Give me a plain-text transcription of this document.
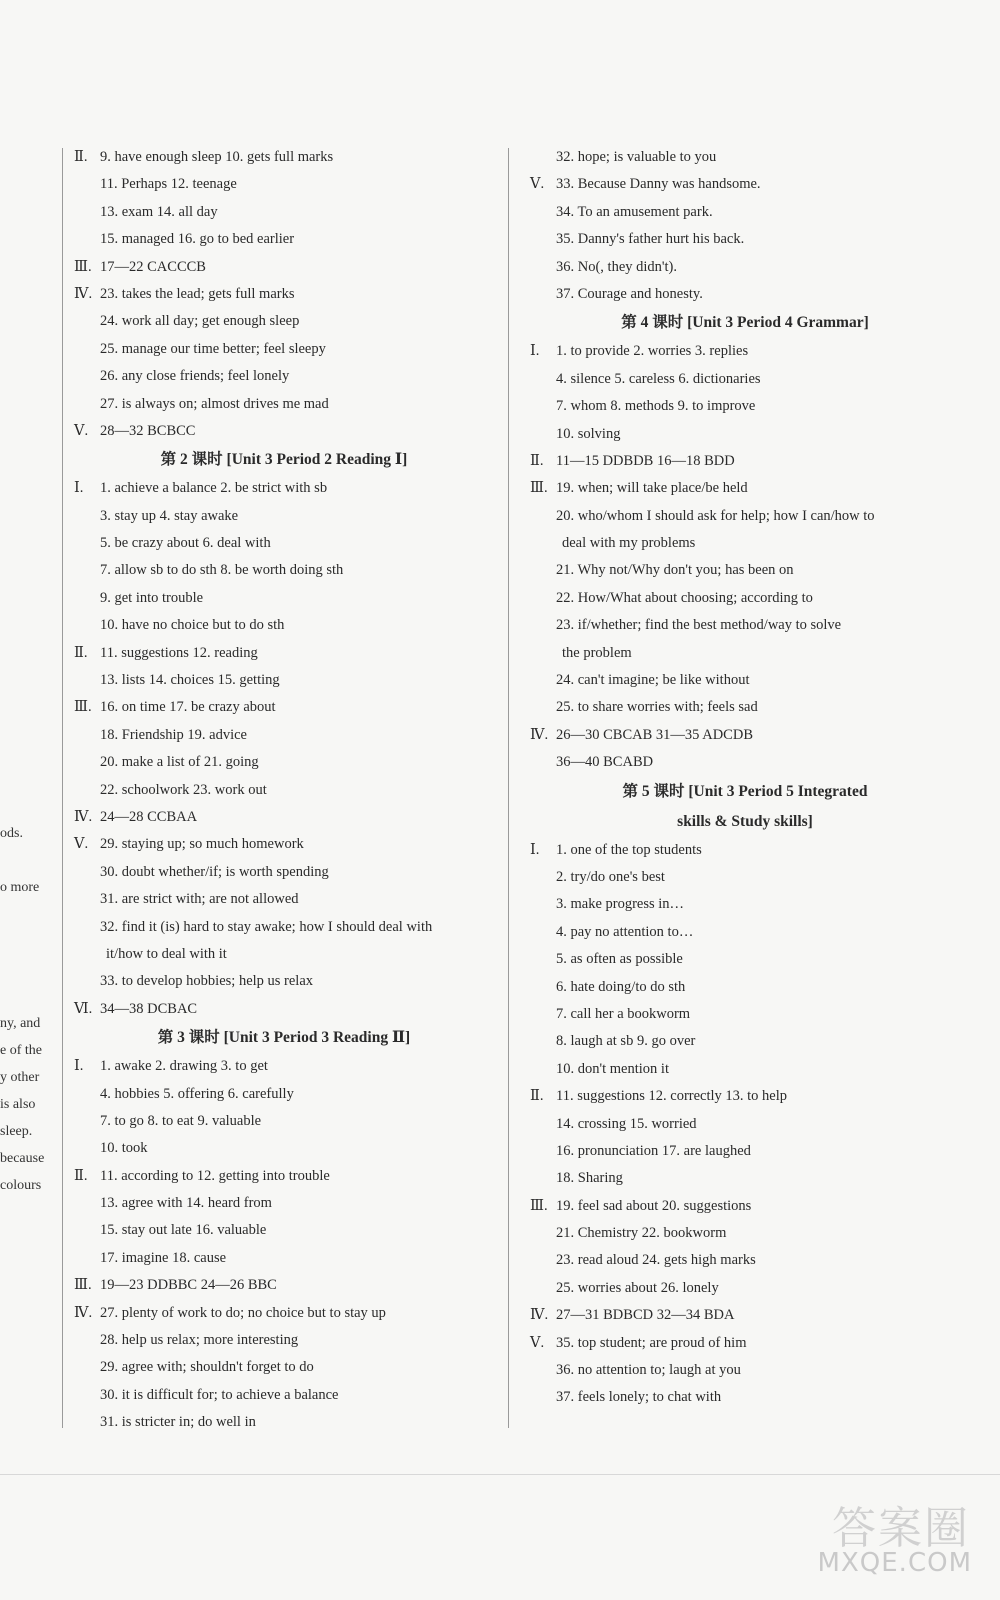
ods.
o more
ny, and
e of the
y other
is also
sleep.
because
colours
Ⅱ. 9. have enough sleep 10. gets full marks
11. Perhaps 12. teenage
13. exam 14. all day
15. managed 16. go to bed earlier
Ⅲ. 17—22 CACCCB
Ⅳ. 23. takes the lead; gets full marks
24. work all day; get enough sleep
25. manage our time better; feel sleepy
26. any close friends; feel lonely
27. is always on; almost drives me mad
Ⅴ. 28—32 BCBCC
第 2 课时 [Unit 3 Period 2 Reading Ⅰ]
Ⅰ.	1. achieve a balance 2. be strict with sb
3. stay up 4. stay awake
5. be crazy about 6. deal with
7. allow sb to do sth 8. be worth doing sth
9. get into trouble
10. have no choice but to do sth
Ⅱ. 11. suggestions 12. reading
13. lists 14. choices 15. getting
Ⅲ. 16. on time 17. be crazy about
18. Friendship 19. advice
20. make a list of 21. going
22. schoolwork 23. work out
Ⅳ. 24—28 CCBAA
Ⅴ. 29. staying up; so much homework
30. doubt whether/if; is worth spending
31. are strict with; are not allowed
32. find it (is) hard to stay awake; how I should deal with
it/how to deal with it
33. to develop hobbies; help us relax
Ⅵ. 34—38 DCBAC
第 3 课时 [Unit 3 Period 3 Reading Ⅱ]
Ⅰ.	1. awake 2. drawing 3. to get
4. hobbies 5. offering 6. carefully
7. to go 8. to eat 9. valuable
10. took
Ⅱ. 11. according to 12. getting into trouble
13. agree with 14. heard from
15. stay out late 16. valuable
17. imagine 18. cause
Ⅲ. 19—23 DDBBC 24—26 BBC
Ⅳ. 27. plenty of work to do; no choice but to stay up
28. help us relax; more interesting
29. agree with; shouldn't forget to do
30. it is difficult for; to achieve a balance
31. is stricter in; do well in
32. hope; is valuable to you
Ⅴ. 33. Because Danny was handsome.
34. To an amusement park.
35. Danny's father hurt his back.
36. No(, they didn't).
37. Courage and honesty.
第 4 课时 [Unit 3 Period 4 Grammar]
Ⅰ.	1. to provide 2. worries 3. replies
4. silence 5. careless 6. dictionaries
7. whom 8. methods 9. to improve
10. solving
Ⅱ. 11—15 DDBDB 16—18 BDD
Ⅲ. 19. when; will take place/be held
20. who/whom I should ask for help; how I can/how to
deal with my problems
21. Why not/Why don't you; has been on
22. How/What about choosing; according to
23. if/whether; find the best method/way to solve
the problem
24. can't imagine; be like without
25. to share worries with; feels sad
Ⅳ. 26—30 CBCAB 31—35 ADCDB
36—40 BCABD
第 5 课时 [Unit 3 Period 5 Integrated
skills & Study skills]
Ⅰ.	1. one of the top students
2. try/do one's best
3. make progress in…
4. pay no attention to…
5. as often as possible
6. hate doing/to do sth
7. call her a bookworm
8. laugh at sb 9. go over
10. don't mention it
Ⅱ. 11. suggestions 12. correctly 13. to help
14. crossing 15. worried
16. pronunciation 17. are laughed
18. Sharing
Ⅲ. 19. feel sad about 20. suggestions
21. Chemistry 22. bookworm
23. read aloud 24. gets high marks
25. worries about 26. lonely
Ⅳ. 27—31 BDBCD 32—34 BDA
Ⅴ. 35. top student; are proud of him
36. no attention to; laugh at you
37. feels lonely; to chat with
答案圈
MXQE.COM
